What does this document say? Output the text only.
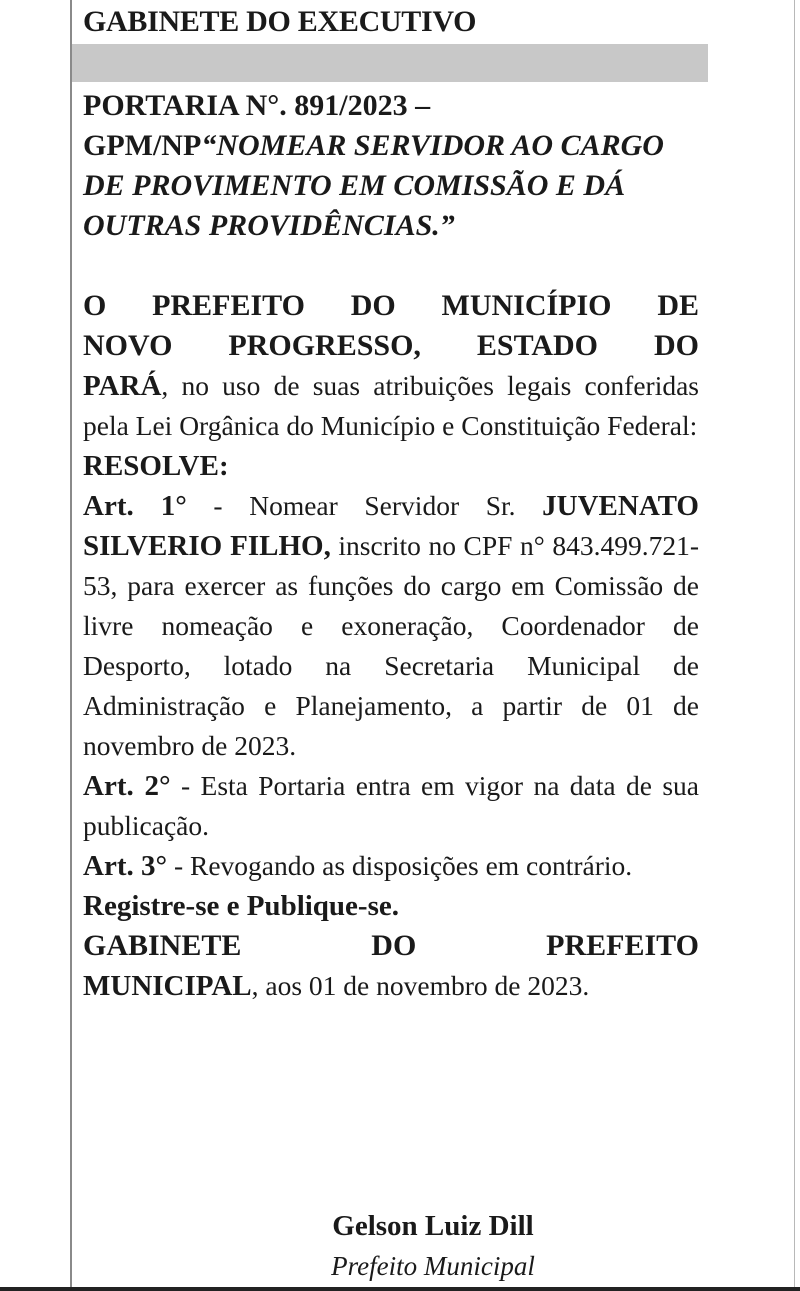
GABINETE DO EXECUTIVO
PORTARIA N°. 891/2023 –
GPM/NP“NOMEAR SERVIDOR AO CARGO DE PROVIMENTO EM COMISSÃO E DÁ OUTRAS PROVIDÊNCIAS.”
O PREFEITO DO MUNICÍPIO DE
NOVO PROGRESSO, ESTADO DO

PARÁ, no uso de suas atribuições legais conferidas pela Lei Orgânica do Município e Constituição Federal:

RESOLVE:

Art. 1° - Nomear Servidor Sr. JUVENATO SILVERIO FILHO, inscrito no CPF n° 843.499.721-53, para exercer as funções do cargo em Comissão de livre nomeação e exoneração, Coordenador de Desporto, lotado na Secretaria Municipal de Administração e Planejamento, a partir de 01 de novembro de 2023.

Art. 2° - Esta Portaria entra em vigor na data de sua publicação.

Art. 3° - Revogando as disposições em contrário.

Registre-se e Publique-se.

GABINETE DO PREFEITO

MUNICIPAL, aos 01 de novembro de 2023.

Gelson Luiz Dill
Prefeito Municipal
